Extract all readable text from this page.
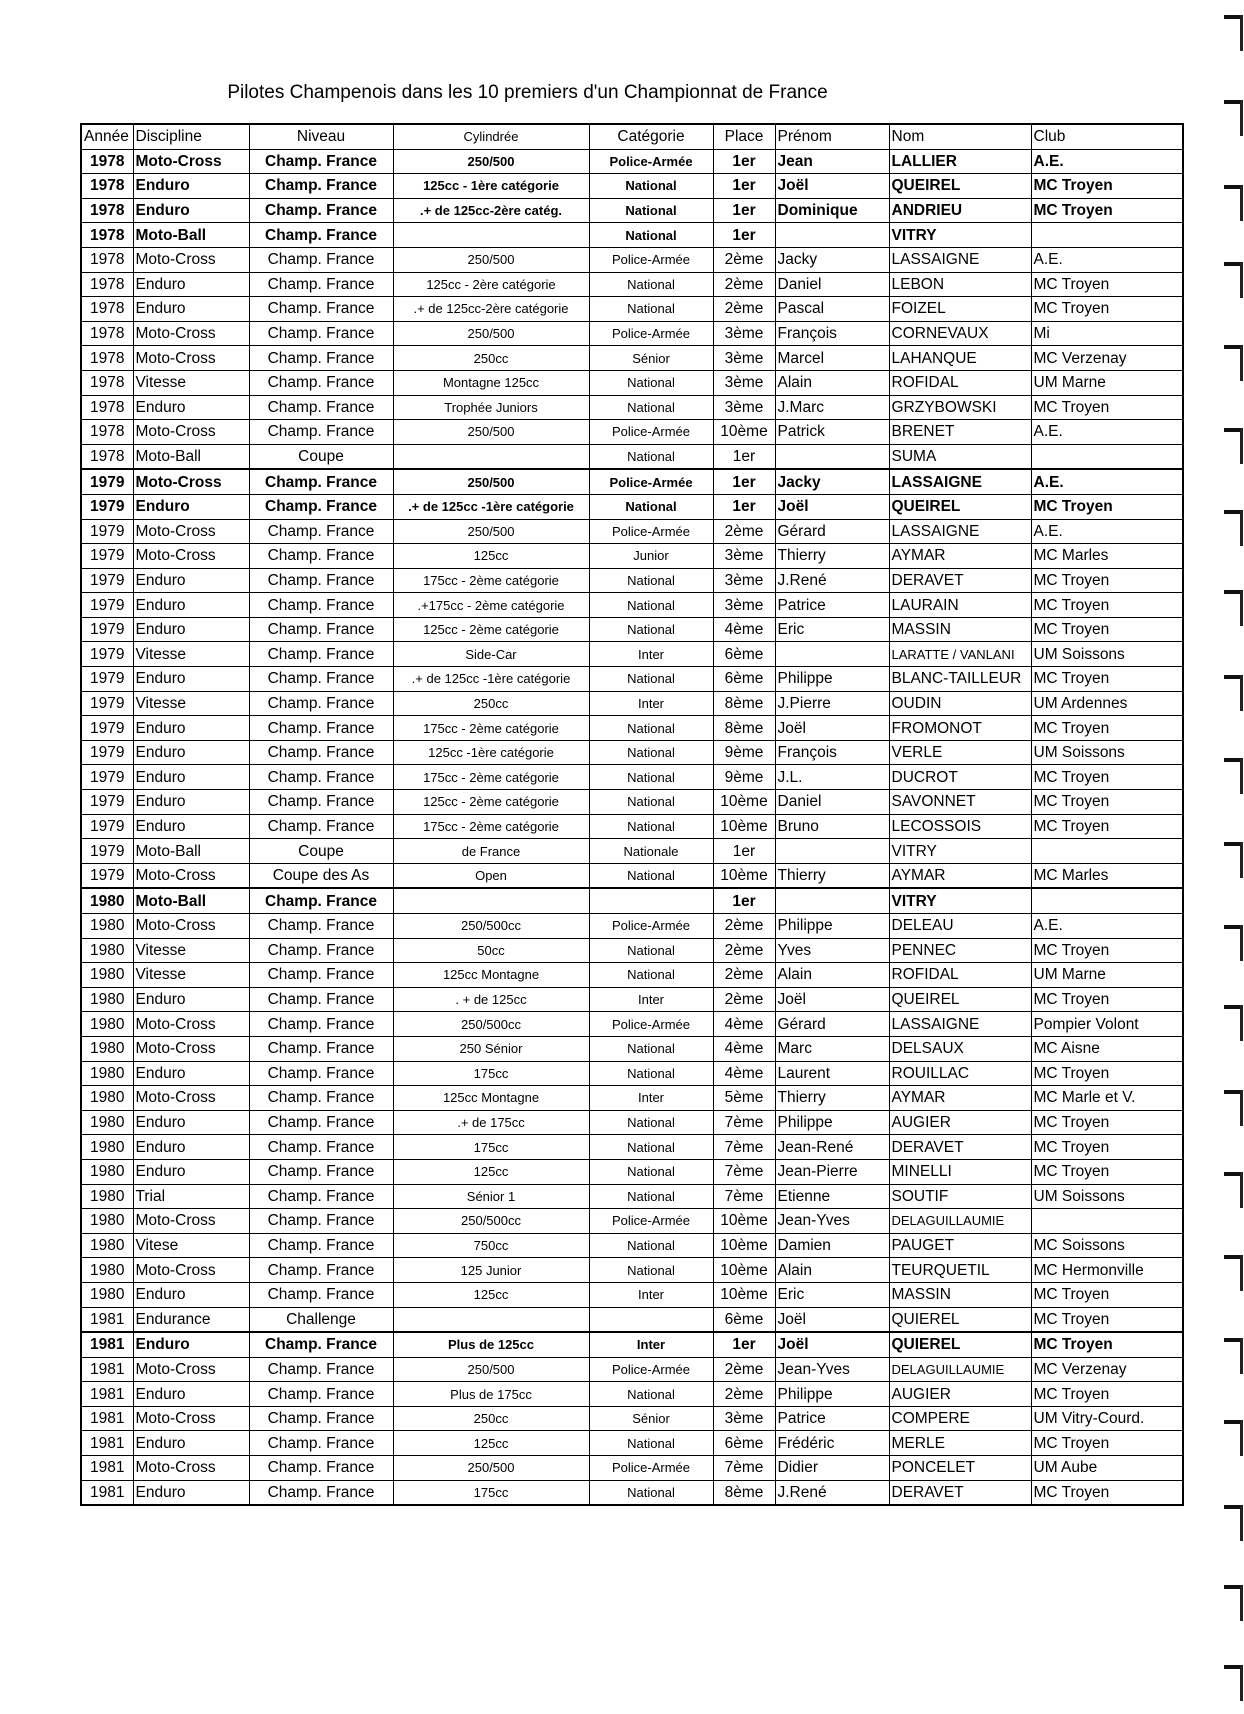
Pilotes Champenois dans les 10 premiers d'un Championnat de France
Année	Discipline	Niveau	Cylindrée	Catégorie	Place	Prénom	Nom	Club
1978	Moto-Cross	Champ. France	250/500	Police-Armée	1er	Jean	LALLIER	A.E.
1978	Enduro	Champ. France	125cc - 1ère catégorie	National	1er	Joël	QUEIREL	MC Troyen
1978	Enduro	Champ. France	.+ de 125cc-2ère catég.	National	1er	Dominique	ANDRIEU	MC Troyen
1978	Moto-Ball	Champ. France		National	1er		VITRY	
1978	Moto-Cross	Champ. France	250/500	Police-Armée	2ème	Jacky	LASSAIGNE	A.E.
1978	Enduro	Champ. France	125cc - 2ère catégorie	National	2ème	Daniel	LEBON	MC Troyen
1978	Enduro	Champ. France	.+ de 125cc-2ère catégorie	National	2ème	Pascal	FOIZEL	MC Troyen
1978	Moto-Cross	Champ. France	250/500	Police-Armée	3ème	François	CORNEVAUX	Mi
1978	Moto-Cross	Champ. France	250cc	Sénior	3ème	Marcel	LAHANQUE	MC Verzenay
1978	Vitesse	Champ. France	Montagne 125cc	National	3ème	Alain	ROFIDAL	UM Marne
1978	Enduro	Champ. France	Trophée Juniors	National	3ème	J.Marc	GRZYBOWSKI	MC Troyen
1978	Moto-Cross	Champ. France	250/500	Police-Armée	10ème	Patrick	BRENET	A.E.
1978	Moto-Ball	Coupe		National	1er		SUMA	
1979	Moto-Cross	Champ. France	250/500	Police-Armée	1er	Jacky	LASSAIGNE	A.E.
1979	Enduro	Champ. France	.+ de 125cc -1ère catégorie	National	1er	Joël	QUEIREL	MC Troyen
1979	Moto-Cross	Champ. France	250/500	Police-Armée	2ème	Gérard	LASSAIGNE	A.E.
1979	Moto-Cross	Champ. France	125cc	Junior	3ème	Thierry	AYMAR	MC Marles
1979	Enduro	Champ. France	175cc - 2ème catégorie	National	3ème	J.René	DERAVET	MC Troyen
1979	Enduro	Champ. France	.+175cc - 2ème catégorie	National	3ème	Patrice	LAURAIN	MC Troyen
1979	Enduro	Champ. France	125cc - 2ème catégorie	National	4ème	Eric	MASSIN	MC Troyen
1979	Vitesse	Champ. France	Side-Car	Inter	6ème		LARATTE / VANLANI	UM Soissons
1979	Enduro	Champ. France	.+ de 125cc -1ère catégorie	National	6ème	Philippe	BLANC-TAILLEUR	MC Troyen
1979	Vitesse	Champ. France	250cc	Inter	8ème	J.Pierre	OUDIN	UM Ardennes
1979	Enduro	Champ. France	175cc - 2ème catégorie	National	8ème	Joël	FROMONOT	MC Troyen
1979	Enduro	Champ. France	125cc -1ère catégorie	National	9ème	François	VERLE	UM Soissons
1979	Enduro	Champ. France	175cc - 2ème catégorie	National	9ème	J.L.	DUCROT	MC Troyen
1979	Enduro	Champ. France	125cc - 2ème catégorie	National	10ème	Daniel	SAVONNET	MC Troyen
1979	Enduro	Champ. France	175cc - 2ème catégorie	National	10ème	Bruno	LECOSSOIS	MC Troyen
1979	Moto-Ball	Coupe	de France	Nationale	1er		VITRY	
1979	Moto-Cross	Coupe des As	Open	National	10ème	Thierry	AYMAR	MC Marles
1980	Moto-Ball	Champ. France			1er		VITRY	
1980	Moto-Cross	Champ. France	250/500cc	Police-Armée	2ème	Philippe	DELEAU	A.E.
1980	Vitesse	Champ. France	50cc	National	2ème	Yves	PENNEC	MC Troyen
1980	Vitesse	Champ. France	125cc Montagne	National	2ème	Alain	ROFIDAL	UM Marne
1980	Enduro	Champ. France	. + de 125cc	Inter	2ème	Joël	QUEIREL	MC Troyen
1980	Moto-Cross	Champ. France	250/500cc	Police-Armée	4ème	Gérard	LASSAIGNE	Pompier Volont
1980	Moto-Cross	Champ. France	250 Sénior	National	4ème	Marc	DELSAUX	MC Aisne
1980	Enduro	Champ. France	175cc	National	4ème	Laurent	ROUILLAC	MC Troyen
1980	Moto-Cross	Champ. France	125cc Montagne	Inter	5ème	Thierry	AYMAR	MC Marle et V.
1980	Enduro	Champ. France	.+ de 175cc	National	7ème	Philippe	AUGIER	MC Troyen
1980	Enduro	Champ. France	175cc	National	7ème	Jean-René	DERAVET	MC Troyen
1980	Enduro	Champ. France	125cc	National	7ème	Jean-Pierre	MINELLI	MC Troyen
1980	Trial	Champ. France	Sénior 1	National	7ème	Etienne	SOUTIF	UM Soissons
1980	Moto-Cross	Champ. France	250/500cc	Police-Armée	10ème	Jean-Yves	DELAGUILLAUMIE	
1980	Vitese	Champ. France	750cc	National	10ème	Damien	PAUGET	MC Soissons
1980	Moto-Cross	Champ. France	125 Junior	National	10ème	Alain	TEURQUETIL	MC Hermonville
1980	Enduro	Champ. France	125cc	Inter	10ème	Eric	MASSIN	MC Troyen
1981	Endurance	Challenge			6ème	Joël	QUIEREL	MC Troyen
1981	Enduro	Champ. France	Plus de 125cc	Inter	1er	Joël	QUIEREL	MC Troyen
1981	Moto-Cross	Champ. France	250/500	Police-Armée	2ème	Jean-Yves	DELAGUILLAUMIE	MC Verzenay
1981	Enduro	Champ. France	Plus de 175cc	National	2ème	Philippe	AUGIER	MC Troyen
1981	Moto-Cross	Champ. France	250cc	Sénior	3ème	Patrice	COMPERE	UM Vitry-Courd.
1981	Enduro	Champ. France	125cc	National	6ème	Frédéric	MERLE	MC Troyen
1981	Moto-Cross	Champ. France	250/500	Police-Armée	7ème	Didier	PONCELET	UM Aube
1981	Enduro	Champ. France	175cc	National	8ème	J.René	DERAVET	MC Troyen
